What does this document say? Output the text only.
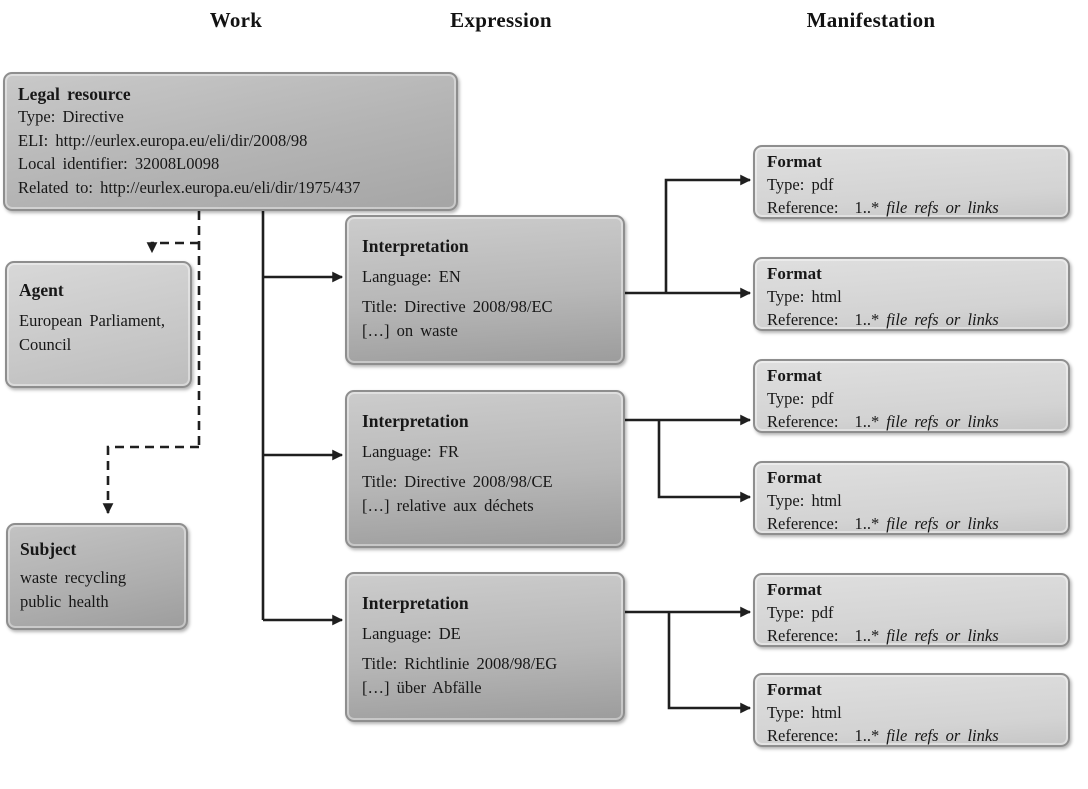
Work	Expression	Manifestation
Legal resource
Type: Directive
ELI: http://eurlex.europa.eu/eli/dir/2008/98
Local identifier: 32008L0098
Related to: http://eurlex.europa.eu/eli/dir/1975/437
Agent
European Parliament,
Council
Subject
waste recycling
public health
Interpretation
Language: EN
Title: Directive 2008/98/EC
[…] on waste
Interpretation
Language: FR
Title: Directive 2008/98/CE
[…] relative aux déchets
Interpretation
Language: DE
Title: Richtlinie 2008/98/EG
[…] über Abfälle
Format
Type: pdf
Reference: 1..* file refs or links
Format
Type: html
Reference: 1..* file refs or links
Format
Type: pdf
Reference: 1..* file refs or links
Format
Type: html
Reference: 1..* file refs or links
Format
Type: pdf
Reference: 1..* file refs or links
Format
Type: html
Reference: 1..* file refs or links
